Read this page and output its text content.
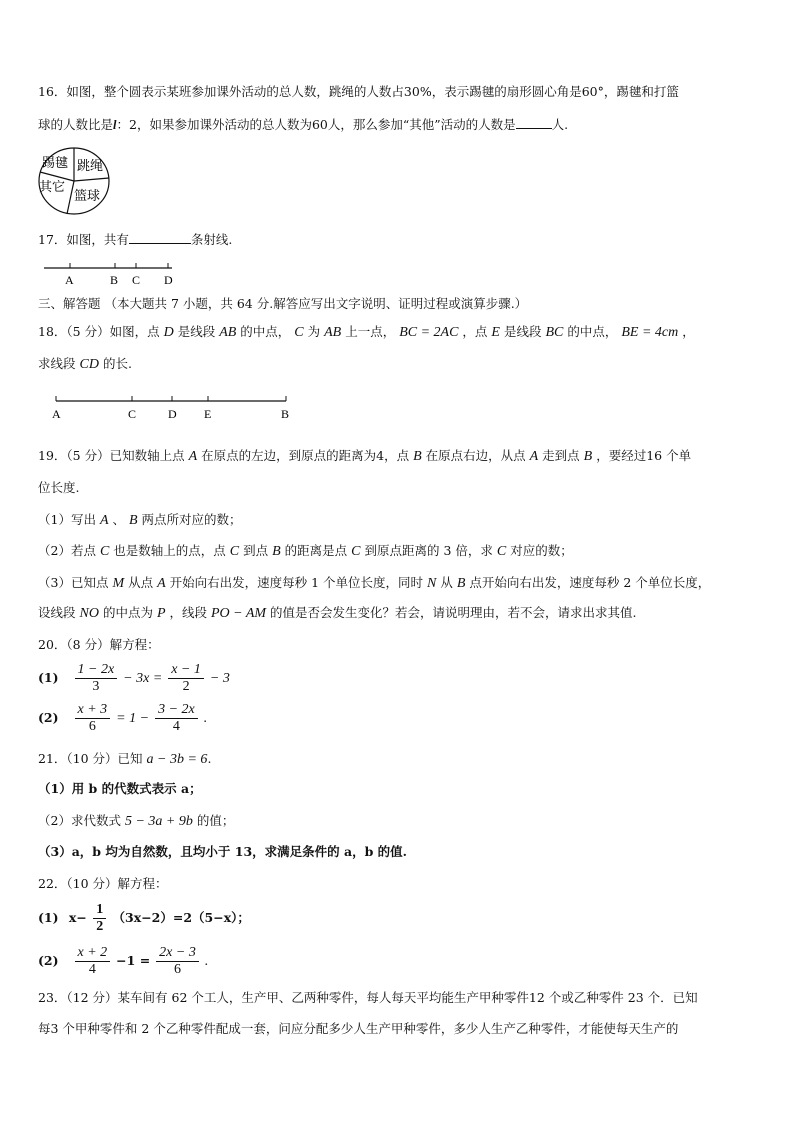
16．如图，整个圆表示某班参加课外活动的总人数，跳绳的人数占30%，表示踢毽的扇形圆心角是60°，踢毽和打篮
球的人数比是l：2，如果参加课外活动的总人数为60人，那么参加“其他”活动的人数是	人.
踢毽 跳绳
其它
篮球
17．如图，共有	条射线.
A	B C D
三、解答题 （本大题共 7 小题，共 64 分.解答应写出文字说明、证明过程或演算步骤.）
18．（5 分）如图，点 D 是线段 AB 的中点， C 为 AB 上一点， BC = 2AC ，点 E 是线段 BC 的中点， BE = 4cm ，
求线段 CD 的长.
A	C	D E	B
19．（5 分）已知数轴上点 A 在原点的左边，到原点的距离为4，点 B 在原点右边，从点 A 走到点 B ，要经过16 个单
位长度.
（1）写出 A 、 B 两点所对应的数；
（2）若点 C 也是数轴上的点，点 C 到点 B 的距离是点 C 到原点距离的 3 倍，求 C 对应的数；
（3）已知点 M 从点 A 开始向右出发，速度每秒 1 个单位长度，同时 N 从 B 点开始向右出发，速度每秒 2 个单位长度，
设线段 NO 的中点为 P ，线段 PO − AM 的值是否会发生变化？若会，请说明理由，若不会，请求出求其值.
20．（8 分）解方程：
$(1) \frac{1 - 2x}{3} - 3x = \frac{x - 1}{2} - 3$
$(2) \frac{x + 3}{6} = 1 - \frac{3 - 2x}{4}$ .
21．（10 分）已知 a − 3b = 6.
（1）用 b 的代数式表示 a；
（2）求代数式 5 − 3a + 9b 的值；
（3）a，b 均为自然数，且均小于 13，求满足条件的 a，b 的值.
22．（10 分）解方程：
(1) $x- \frac{1}{2} (3x-2)=2(5-x)$；
$(2) \frac{x + 2}{4} -1 = \frac{2x - 3}{6}$ .
23．（12 分）某车间有 62 个工人，生产甲、乙两种零件，每人每天平均能生产甲种零件12 个或乙种零件 23 个．已知
每3 个甲种零件和 2 个乙种零件配成一套，问应分配多少人生产甲种零件，多少人生产乙种零件，才能使每天生产的
